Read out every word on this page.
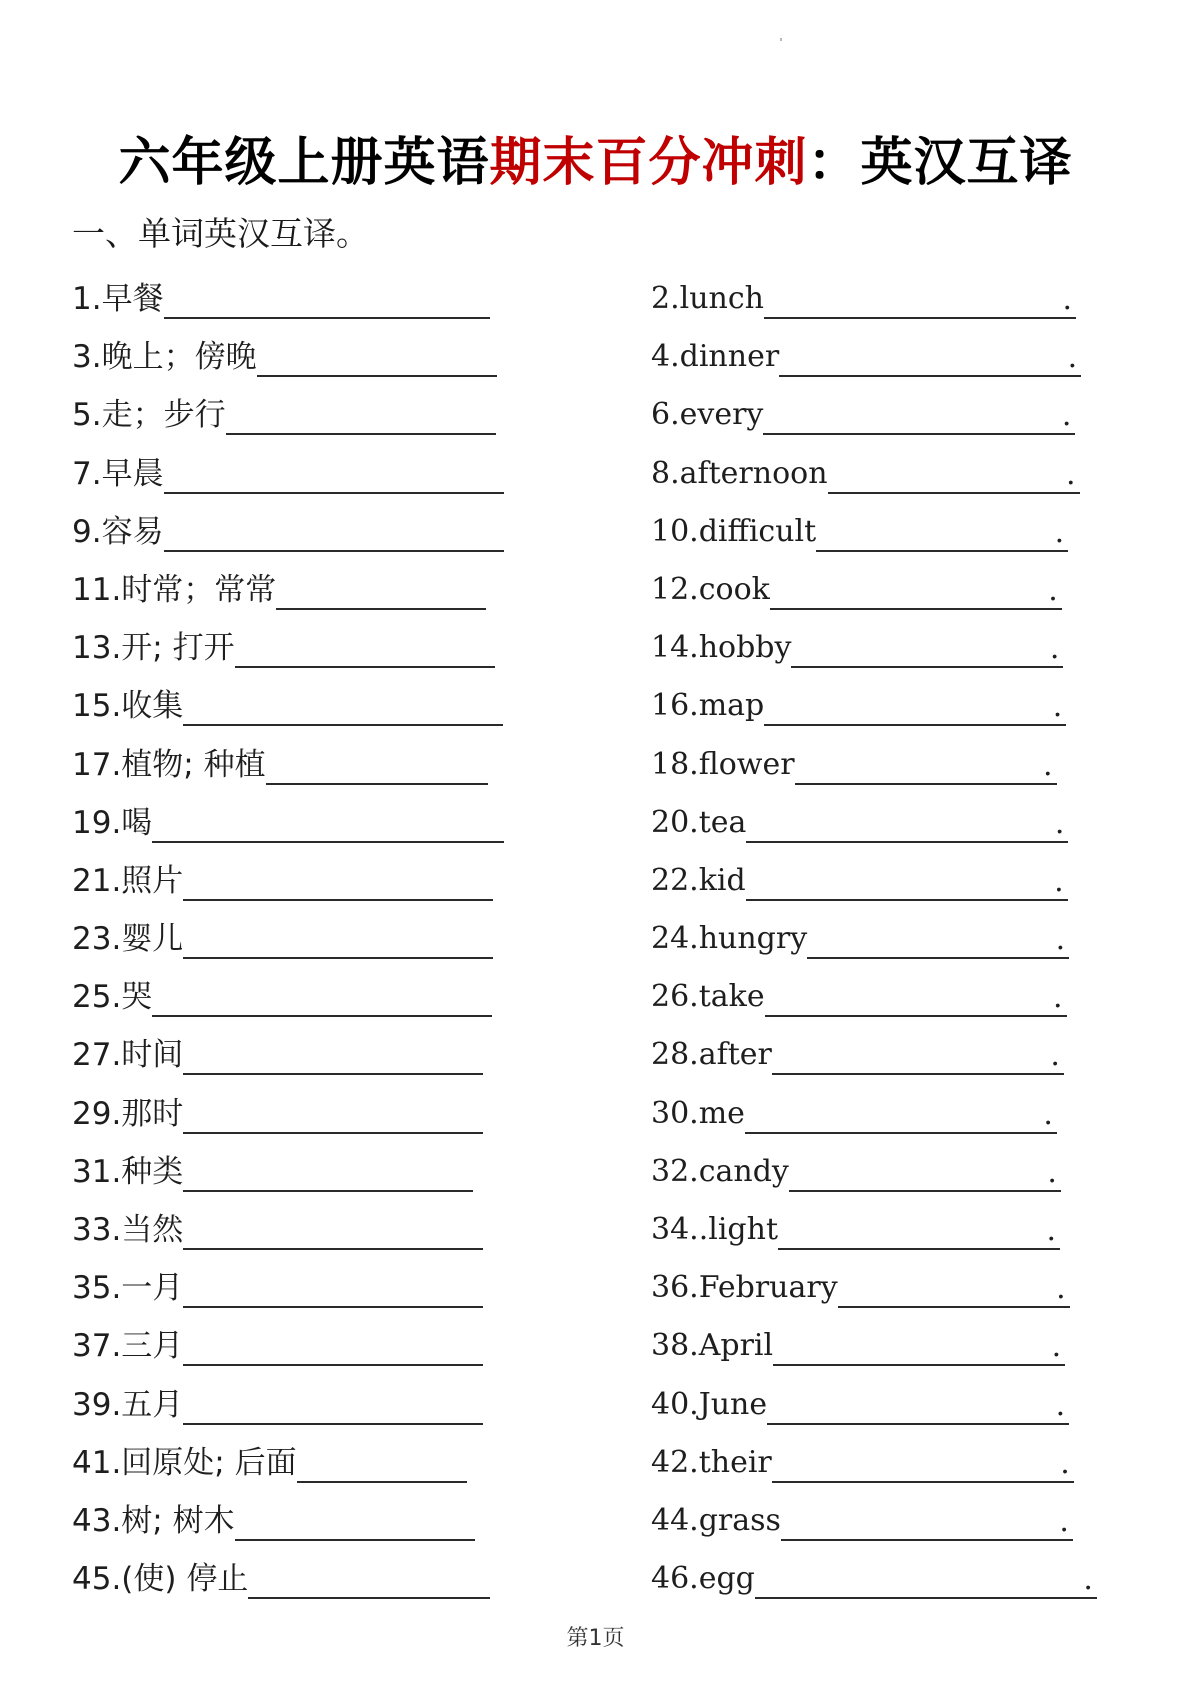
六年级上册英语期末百分冲刺：英汉互译
一、单词英汉互译。
1.早餐	2.lunch	.
3.晚上；傍晚	4.dinner	.
5.走；步行	6.every	.
7.早晨	8.afternoon	.
9.容易	10.difficult	.
11.时常；常常	12.cook	.
13.开; 打开	14.hobby	.
15.收集	16.map	.
17.植物; 种植	18.flower	.
19.喝	20.tea	.
21.照片	22.kid	.
23.婴儿	24.hungry	.
25.哭	26.take	.
27.时间	28.after	.
29.那时	30.me	.
31.种类	32.candy	.
33.当然	34..light	.
35.一月	36.February	.
37.三月	38.April	.
39.五月	40.June	.
41.回原处; 后面	42.their	.
43.树; 树木	44.grass	.
45.(使) 停止	46.egg	.
第1页
